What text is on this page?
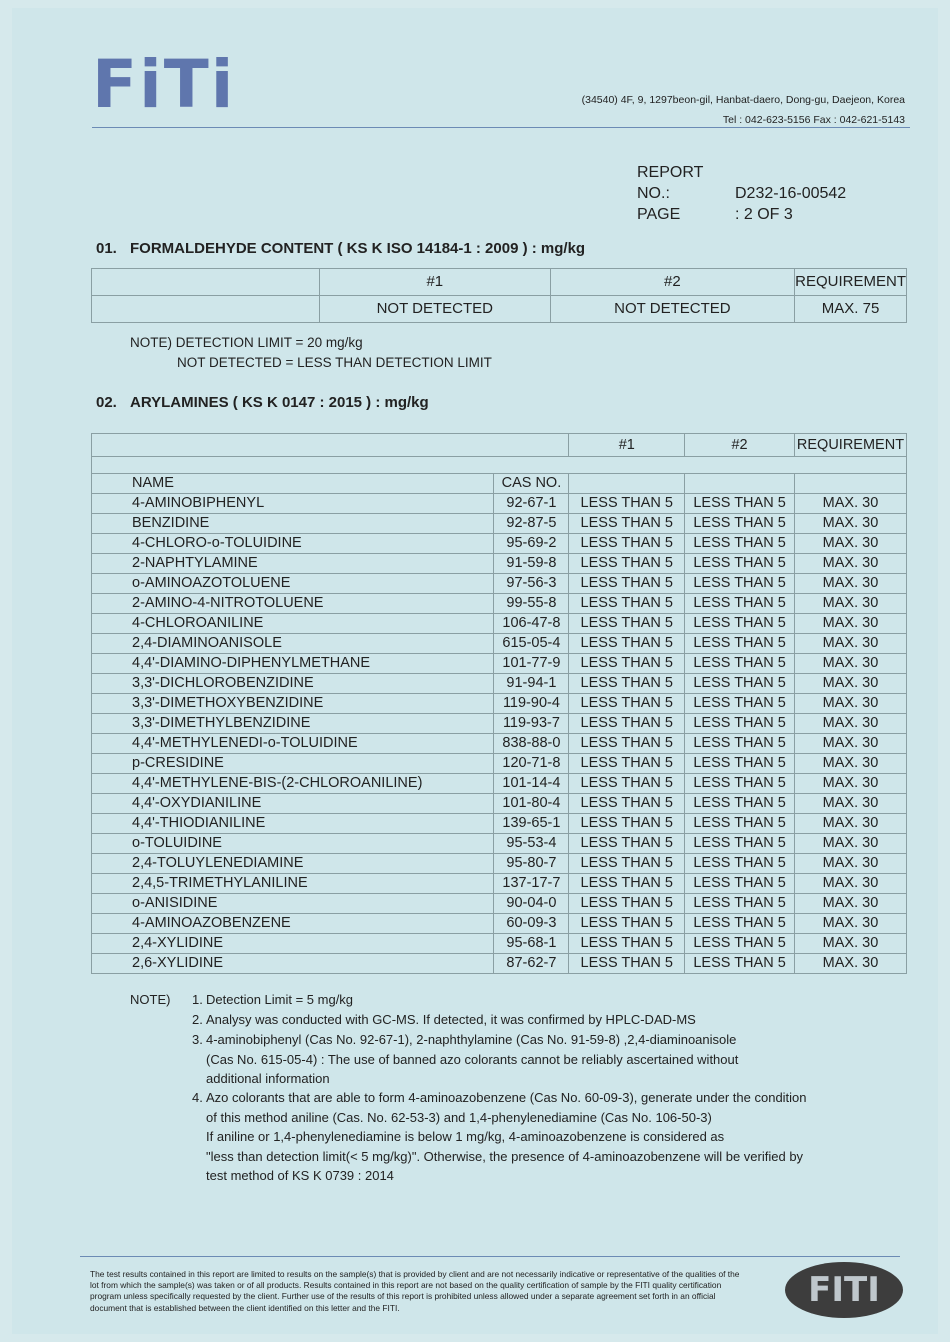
FiTi	(34540) 4F, 9, 1297beon-gil, Hanbat-daero, Dong-gu, Daejeon, Korea
Tel : 042-623-5156 Fax : 042-621-5143
REPORT NO.:	D232-16-00542
PAGE	: 2 OF 3
01. FORMALDEHYDE CONTENT ( KS K ISO 14184-1 : 2009 ) : mg/kg
	#1	#2	REQUIREMENT
	NOT DETECTED	NOT DETECTED	MAX. 75
NOTE) DETECTION LIMIT = 20 mg/kg
NOT DETECTED = LESS THAN DETECTION LIMIT
02. ARYLAMINES ( KS K 0147 : 2015 ) : mg/kg
		#1	#2	REQUIREMENT

NAME	CAS NO.			
4-AMINOBIPHENYL	92-67-1	LESS THAN 5	LESS THAN 5	MAX. 30
BENZIDINE	92-87-5	LESS THAN 5	LESS THAN 5	MAX. 30
4-CHLORO-o-TOLUIDINE	95-69-2	LESS THAN 5	LESS THAN 5	MAX. 30
2-NAPHTYLAMINE	91-59-8	LESS THAN 5	LESS THAN 5	MAX. 30
o-AMINOAZOTOLUENE	97-56-3	LESS THAN 5	LESS THAN 5	MAX. 30
2-AMINO-4-NITROTOLUENE	99-55-8	LESS THAN 5	LESS THAN 5	MAX. 30
4-CHLOROANILINE	106-47-8	LESS THAN 5	LESS THAN 5	MAX. 30
2,4-DIAMINOANISOLE	615-05-4	LESS THAN 5	LESS THAN 5	MAX. 30
4,4'-DIAMINO-DIPHENYLMETHANE	101-77-9	LESS THAN 5	LESS THAN 5	MAX. 30
3,3'-DICHLOROBENZIDINE	91-94-1	LESS THAN 5	LESS THAN 5	MAX. 30
3,3'-DIMETHOXYBENZIDINE	119-90-4	LESS THAN 5	LESS THAN 5	MAX. 30
3,3'-DIMETHYLBENZIDINE	119-93-7	LESS THAN 5	LESS THAN 5	MAX. 30
4,4'-METHYLENEDI-o-TOLUIDINE	838-88-0	LESS THAN 5	LESS THAN 5	MAX. 30
p-CRESIDINE	120-71-8	LESS THAN 5	LESS THAN 5	MAX. 30
4,4'-METHYLENE-BIS-(2-CHLOROANILINE)	101-14-4	LESS THAN 5	LESS THAN 5	MAX. 30
4,4'-OXYDIANILINE	101-80-4	LESS THAN 5	LESS THAN 5	MAX. 30
4,4'-THIODIANILINE	139-65-1	LESS THAN 5	LESS THAN 5	MAX. 30
o-TOLUIDINE	95-53-4	LESS THAN 5	LESS THAN 5	MAX. 30
2,4-TOLUYLENEDIAMINE	95-80-7	LESS THAN 5	LESS THAN 5	MAX. 30
2,4,5-TRIMETHYLANILINE	137-17-7	LESS THAN 5	LESS THAN 5	MAX. 30
o-ANISIDINE	90-04-0	LESS THAN 5	LESS THAN 5	MAX. 30
4-AMINOAZOBENZENE	60-09-3	LESS THAN 5	LESS THAN 5	MAX. 30
2,4-XYLIDINE	95-68-1	LESS THAN 5	LESS THAN 5	MAX. 30
2,6-XYLIDINE	87-62-7	LESS THAN 5	LESS THAN 5	MAX. 30
NOTE) 1. Detection Limit = 5 mg/kg
2. Analysy was conducted with GC-MS. If detected, it was confirmed by HPLC-DAD-MS
3. 4-aminobiphenyl (Cas No. 92-67-1), 2-naphthylamine (Cas No. 91-59-8) ,2,4-diaminoanisole
(Cas No. 615-05-4) : The use of banned azo colorants cannot be reliably ascertained without
additional information
4. Azo colorants that are able to form 4-aminoazobenzene (Cas No. 60-09-3), generate under the condition
of this method aniline (Cas. No. 62-53-3) and 1,4-phenylenediamine (Cas No. 106-50-3)
If aniline or 1,4-phenylenediamine is below 1 mg/kg, 4-aminoazobenzene is considered as
"less than detection limit(< 5 mg/kg)". Otherwise, the presence of 4-aminoazobenzene will be verified by
test method of KS K 0739 : 2014
The test results contained in this report are limited to results on the sample(s) that is provided by client and are not necessarily indicative or representative of the qualities of the lot from which the sample(s) was taken or of all products. Results contained in this report are not based on the quality certification of sample by the FITI quality certification program unless specifically requested by the client. Further use of the results of this report is prohibited unless allowed under a separate agreement set forth in an official document that is established between the client identified on this letter and the FITI.	FITI
